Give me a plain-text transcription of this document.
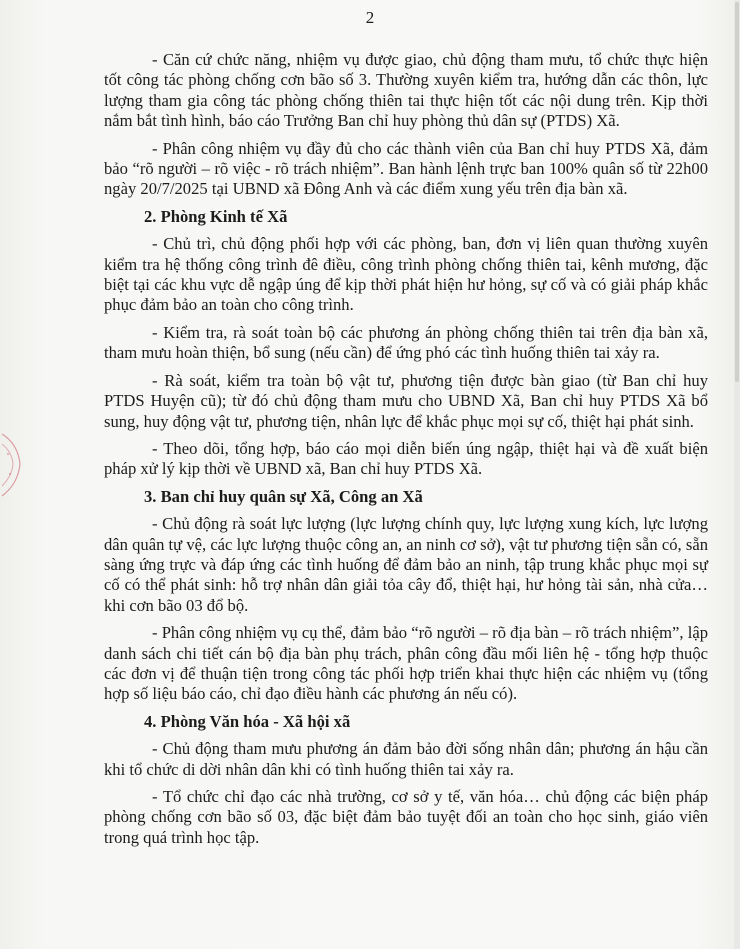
2

- Căn cứ chức năng, nhiệm vụ được giao, chủ động tham mưu, tổ chức thực hiện tốt công tác phòng chống cơn bão số 3. Thường xuyên kiểm tra, hướng dẫn các thôn, lực lượng tham gia công tác phòng chống thiên tai thực hiện tốt các nội dung trên. Kịp thời nắm bắt tình hình, báo cáo Trưởng Ban chỉ huy phòng thủ dân sự (PTDS) Xã.

- Phân công nhiệm vụ đầy đủ cho các thành viên của Ban chỉ huy PTDS Xã, đảm bảo “rõ người – rõ việc - rõ trách nhiệm”. Ban hành lệnh trực ban 100% quân số từ 22h00 ngày 20/7/2025 tại UBND xã Đông Anh và các điểm xung yếu trên địa bàn xã.

2. Phòng Kinh tế Xã

- Chủ trì, chủ động phối hợp với các phòng, ban, đơn vị liên quan thường xuyên kiểm tra hệ thống công trình đê điều, công trình phòng chống thiên tai, kênh mương, đặc biệt tại các khu vực dễ ngập úng để kịp thời phát hiện hư hỏng, sự cố và có giải pháp khắc phục đảm bảo an toàn cho công trình.

- Kiểm tra, rà soát toàn bộ các phương án phòng chống thiên tai trên địa bàn xã, tham mưu hoàn thiện, bổ sung (nếu cần) để ứng phó các tình huống thiên tai xảy ra.

- Rà soát, kiểm tra toàn bộ vật tư, phương tiện được bàn giao (từ Ban chỉ huy PTDS Huyện cũ); từ đó chủ động tham mưu cho UBND Xã, Ban chỉ huy PTDS Xã bổ sung, huy động vật tư, phương tiện, nhân lực để khắc phục mọi sự cố, thiệt hại phát sinh.

- Theo dõi, tổng hợp, báo cáo mọi diễn biến úng ngập, thiệt hại và đề xuất biện pháp xử lý kịp thời về UBND xã, Ban chỉ huy PTDS Xã.

3. Ban chỉ huy quân sự Xã, Công an Xã

- Chủ động rà soát lực lượng (lực lượng chính quy, lực lượng xung kích, lực lượng dân quân tự vệ, các lực lượng thuộc công an, an ninh cơ sở), vật tư phương tiện sẵn có, sẵn sàng ứng trực và đáp ứng các tình huống để đảm bảo an ninh, tập trung khắc phục mọi sự cố có thể phát sinh: hỗ trợ nhân dân giải tỏa cây đổ, thiệt hại, hư hỏng tài sản, nhà cửa… khi cơn bão 03 đổ bộ.

- Phân công nhiệm vụ cụ thể, đảm bảo “rõ người – rõ địa bàn – rõ trách nhiệm”, lập danh sách chi tiết cán bộ địa bàn phụ trách, phân công đầu mối liên hệ - tổng hợp thuộc các đơn vị để thuận tiện trong công tác phối hợp triển khai thực hiện các nhiệm vụ (tổng hợp số liệu báo cáo, chỉ đạo điều hành các phương án nếu có).

4. Phòng Văn hóa - Xã hội xã

- Chủ động tham mưu phương án đảm bảo đời sống nhân dân; phương án hậu cần khi tổ chức di dời nhân dân khi có tình huống thiên tai xảy ra.

- Tổ chức chỉ đạo các nhà trường, cơ sở y tế, văn hóa… chủ động các biện pháp phòng chống cơn bão số 03, đặc biệt đảm bảo tuyệt đối an toàn cho học sinh, giáo viên trong quá trình học tập.
